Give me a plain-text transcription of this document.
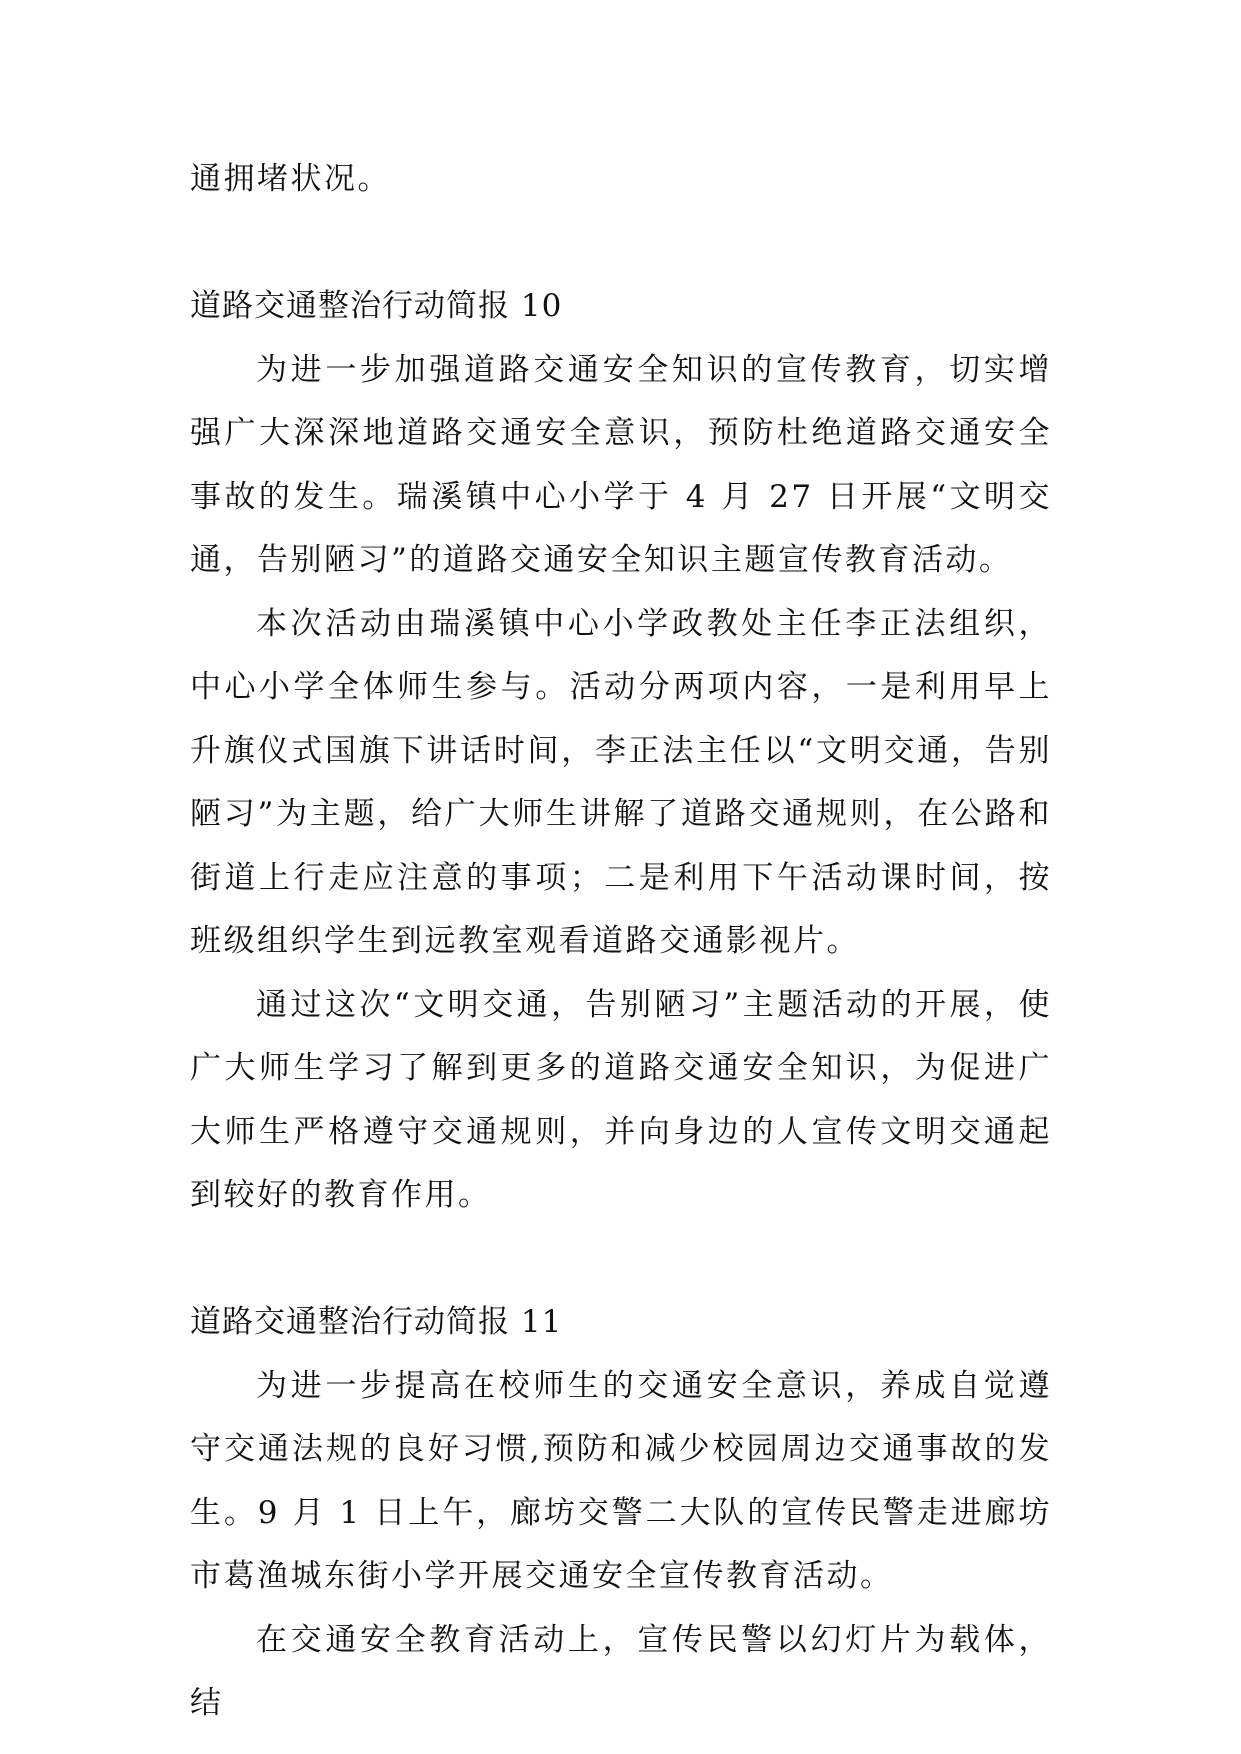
通拥堵状况。

道路交通整治行动简报 10

为进一步加强道路交通安全知识的宣传教育，切实增强广大深深地道路交通安全意识，预防杜绝道路交通安全事故的发生。瑞溪镇中心小学于 4 月 27 日开展“文明交通，告别陋习”的道路交通安全知识主题宣传教育活动。

本次活动由瑞溪镇中心小学政教处主任李正法组织，中心小学全体师生参与。活动分两项内容，一是利用早上升旗仪式国旗下讲话时间，李正法主任以“文明交通，告别陋习”为主题，给广大师生讲解了道路交通规则，在公路和街道上行走应注意的事项；二是利用下午活动课时间，按班级组织学生到远教室观看道路交通影视片。

通过这次“文明交通，告别陋习”主题活动的开展，使广大师生学习了解到更多的道路交通安全知识，为促进广大师生严格遵守交通规则，并向身边的人宣传文明交通起到较好的教育作用。

道路交通整治行动简报 11

为进一步提高在校师生的交通安全意识，养成自觉遵守交通法规的良好习惯,预防和减少校园周边交通事故的发生。9 月 1 日上午，廊坊交警二大队的宣传民警走进廊坊市葛渔城东街小学开展交通安全宣传教育活动。

在交通安全教育活动上，宣传民警以幻灯片为载体，结
